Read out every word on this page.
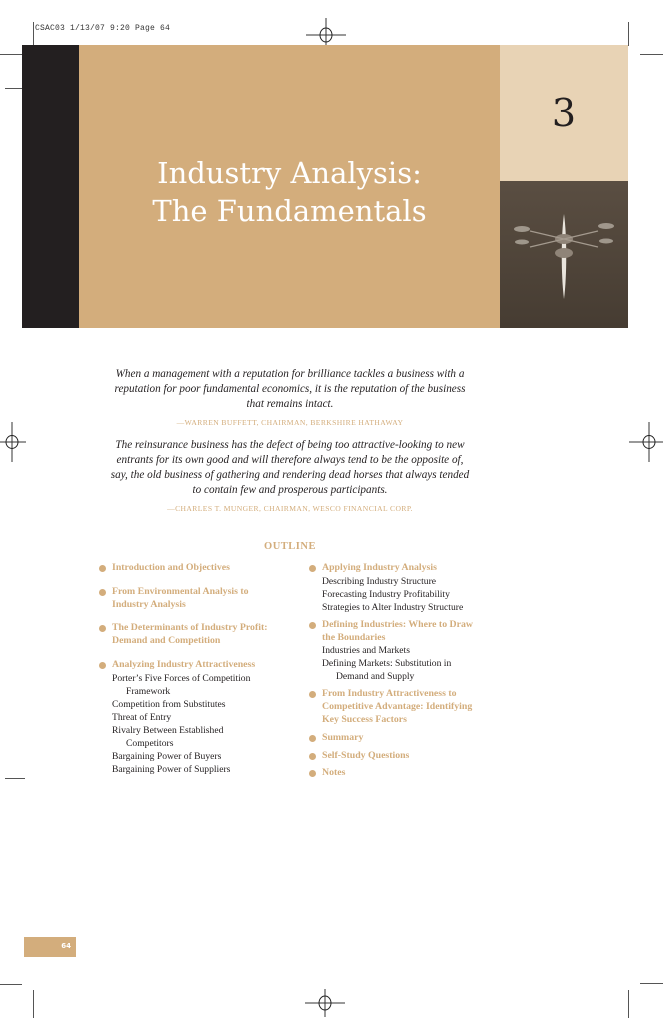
CSAC03 1/13/07 9:20 Page 64
3
Industry Analysis:
The Fundamentals
When a management with a reputation for brilliance tackles a business with a
reputation for poor fundamental economics, it is the reputation of the business
that remains intact.
—WARREN BUFFETT, CHAIRMAN, BERKSHIRE HATHAWAY
The reinsurance business has the defect of being too attractive-looking to new
entrants for its own good and will therefore always tend to be the opposite of,
say, the old business of gathering and rendering dead horses that always tended
to contain few and prosperous participants.
—CHARLES T. MUNGER, CHAIRMAN, WESCO FINANCIAL CORP.
OUTLINE
Introduction and Objectives
From Environmental Analysis to
Industry Analysis
The Determinants of Industry Profit:
Demand and Competition
Analyzing Industry Attractiveness
Porter’s Five Forces of Competition
Framework
Competition from Substitutes
Threat of Entry
Rivalry Between Established
Competitors
Bargaining Power of Buyers
Bargaining Power of Suppliers
Applying Industry Analysis
Describing Industry Structure
Forecasting Industry Profitability
Strategies to Alter Industry Structure
Defining Industries: Where to Draw
the Boundaries
Industries and Markets
Defining Markets: Substitution in
Demand and Supply
From Industry Attractiveness to
Competitive Advantage: Identifying
Key Success Factors
Summary
Self-Study Questions
Notes
64
